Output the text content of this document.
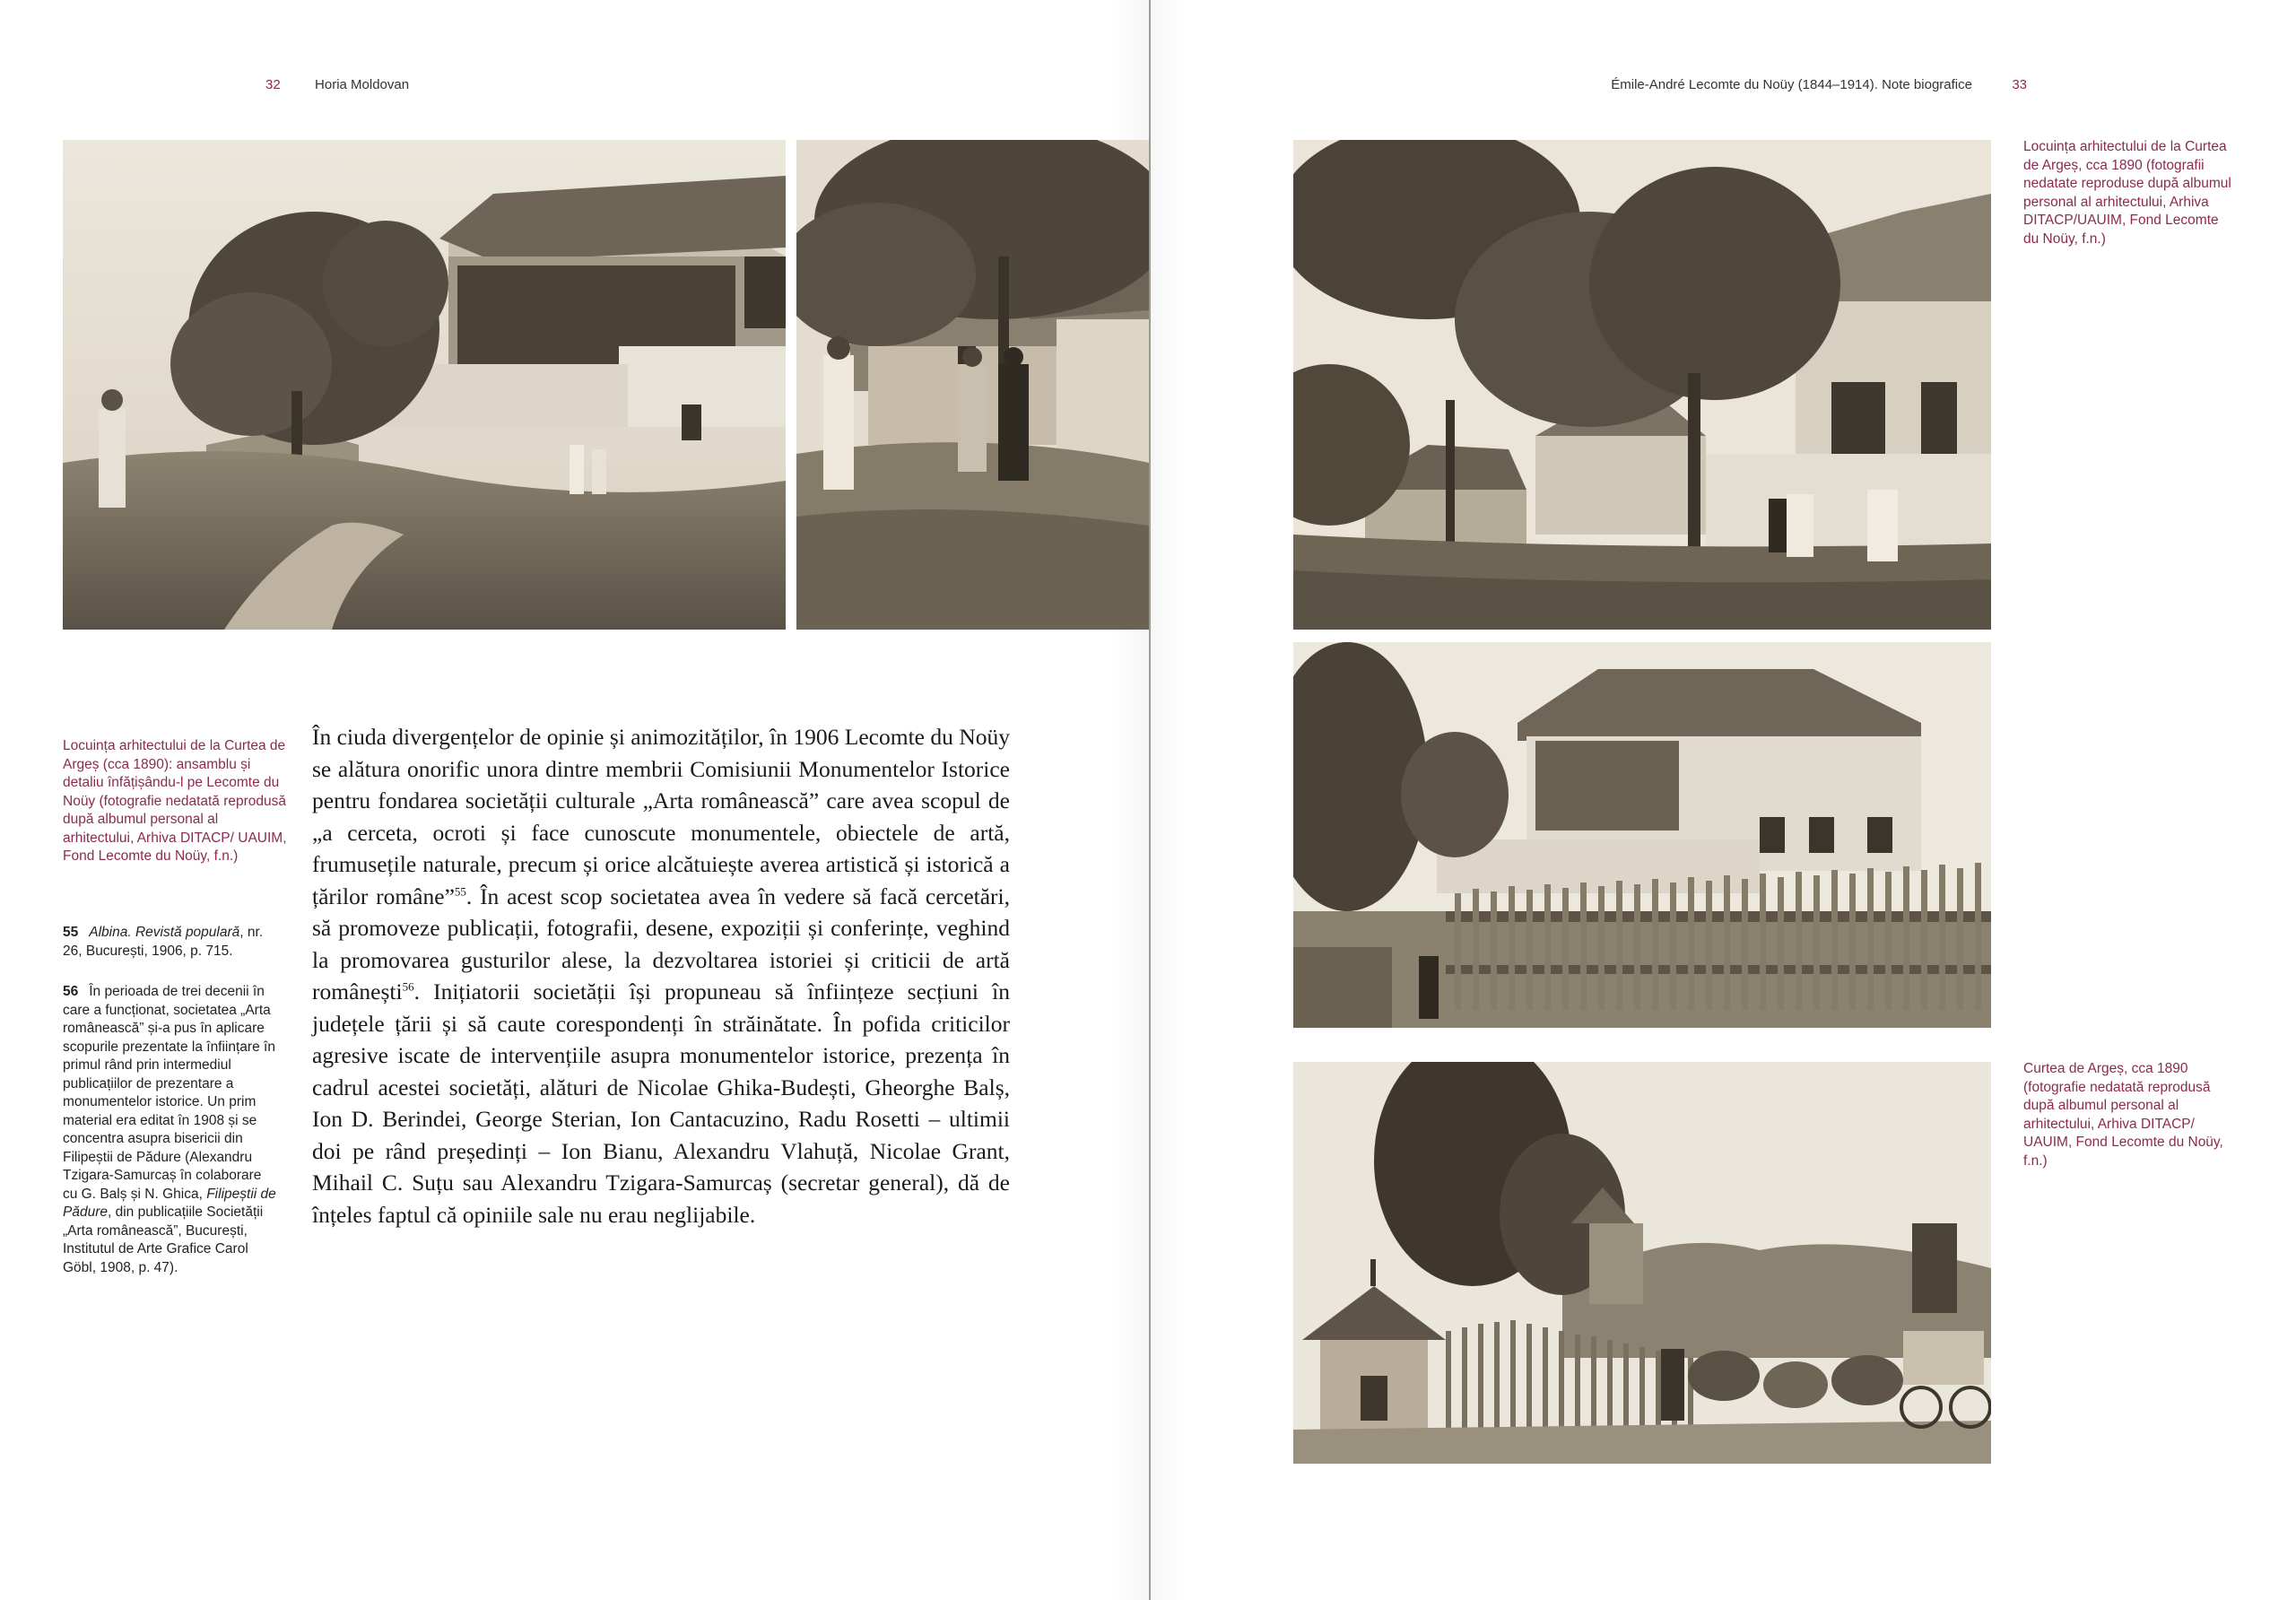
32	Horia Moldovan
Locuința arhitectului de la Curtea de Argeș (cca 1890): ansamblu și detaliu înfățișându-l pe Lecomte du Noüy (fotografie nedatată reprodusă după albumul personal al arhitectului, Arhiva DITACP/ UAUIM, Fond Lecomte du Noüy, f.n.)
55 Albina. Revistă populară, nr. 26, București, 1906, p. 715.
56 În perioada de trei decenii în care a funcționat, societatea „Arta românească” și-a pus în aplicare scopurile prezentate la înființare în primul rând prin intermediul publicațiilor de prezentare a monumentelor istorice. Un prim material era editat în 1908 și se concentra asupra bisericii din Filipeștii de Pădure (Alexandru Tzigara-Samurcaș în colaborare cu G. Balș și N. Ghica, Filipeștii de Pădure, din publicațiile Societății „Arta românească”, București, Institutul de Arte Grafice Carol Göbl, 1908, p. 47).
În ciuda divergențelor de opinie și animozităților, în 1906 Lecomte du Noüy se alătura onorific unora dintre membrii Comisiunii Monumentelor Istorice pentru fondarea societății culturale „Arta românească” care avea scopul de „a cerceta, ocroti și face cunoscute monumentele, obiectele de artă, frumusețile naturale, precum și orice alcătuiește averea artistică și istorică a țărilor române”$^{55}$. În acest scop societatea avea în vedere să facă cercetări, să promoveze publicații, fotografii, desene, expoziții și conferințe, veghind la promovarea gusturilor alese, la dezvoltarea istoriei și criticii de artă românești$^{56}$. Inițiatorii societății își propuneau să înființeze secțiuni în județele țării și să caute corespondenți în străinătate. În pofida criticilor agresive iscate de intervențiile asupra monumentelor istorice, prezența în cadrul acestei societăți, alături de Nicolae Ghika-Budești, Gheorghe Balș, Ion D. Berindei, George Sterian, Ion Cantacuzino, Radu Rosetti – ultimii doi pe rând președinți – Ion Bianu, Alexandru Vlahuță, Nicolae Grant, Mihail C. Suțu sau Alexandru Tzigara-Samurcaș (secretar general), dă de înțeles faptul că opiniile sale nu erau neglijabile.
Émile-André Lecomte du Noüy (1844–1914). Note biografice	33
Locuința arhitectului de la Curtea de Argeș, cca 1890 (fotografii nedatate reproduse după albumul personal al arhitectului, Arhiva DITACP/UAUIM, Fond Lecomte du Noüy, f.n.)
Curtea de Argeș, cca 1890 (fotografie nedatată reprodusă după albumul personal al arhitectului, Arhiva DITACP/ UAUIM, Fond Lecomte du Noüy, f.n.)
